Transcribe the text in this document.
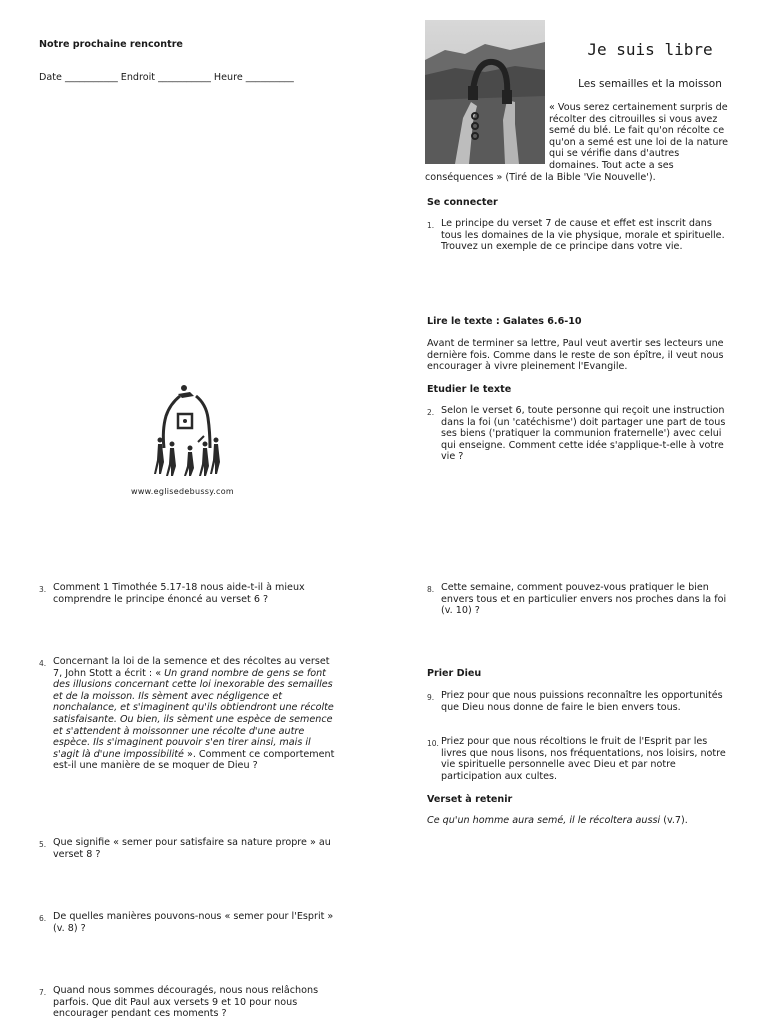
Notre prochaine rencontre
Date ___________ Endroit ___________ Heure __________
www.eglisedebussy.com
Je suis libre
Les semailles et la moisson

« Vous serez certainement surpris de récolter des citrouilles si vous avez semé du blé. Le fait qu'on récolte ce qu'on a semé est une loi de la nature qui se vérifie dans d'autres domaines. Tout acte a ses conséquences » (Tiré de la Bible 'Vie Nouvelle').

Se connecter
1. Le principe du verset 7 de cause et effet est inscrit dans tous les domaines de la vie physique, morale et spirituelle. Trouvez un exemple de ce principe dans votre vie.
Lire le texte : Galates 6.6-10
Avant de terminer sa lettre, Paul veut avertir ses lecteurs une dernière fois. Comme dans le reste de son épître, il veut nous encourager à vivre pleinement l'Evangile.
Etudier le texte
2. Selon le verset 6, toute personne qui reçoit une instruction dans la foi (un 'catéchisme') doit partager une part de tous ses biens ('pratiquer la communion fraternelle') avec celui qui enseigne. Comment cette idée s'applique-t-elle à votre vie ?
3. Comment 1 Timothée 5.17-18 nous aide-t-il à mieux comprendre le principe énoncé au verset 6 ?
4. Concernant la loi de la semence et des récoltes au verset 7, John Stott a écrit : « Un grand nombre de gens se font des illusions concernant cette loi inexorable des semailles et de la moisson. Ils sèment avec négligence et nonchalance, et s'imaginent qu'ils obtiendront une récolte satisfaisante. Ou bien, ils sèment une espèce de semence et s'attendent à moissonner une récolte d'une autre espèce. Ils s'imaginent pouvoir s'en tirer ainsi, mais il s'agit là d'une impossibilité ». Comment ce comportement est-il une manière de se moquer de Dieu ?
5. Que signifie « semer pour satisfaire sa nature propre » au verset 8 ?
6. De quelles manières pouvons-nous « semer pour l'Esprit » (v. 8) ?
7. Quand nous sommes découragés, nous nous relâchons parfois. Que dit Paul aux versets 9 et 10 pour nous encourager pendant ces moments ?
8. Cette semaine, comment pouvez-vous pratiquer le bien envers tous et en particulier envers nos proches dans la foi (v. 10) ?
Prier Dieu
9. Priez pour que nous puissions reconnaître les opportunités que Dieu nous donne de faire le bien envers tous.
10. Priez pour que nous récoltions le fruit de l'Esprit par les livres que nous lisons, nos fréquentations, nos loisirs, notre vie spirituelle personnelle avec Dieu et par notre participation aux cultes.
Verset à retenir
Ce qu'un homme aura semé, il le récoltera aussi (v.7).
